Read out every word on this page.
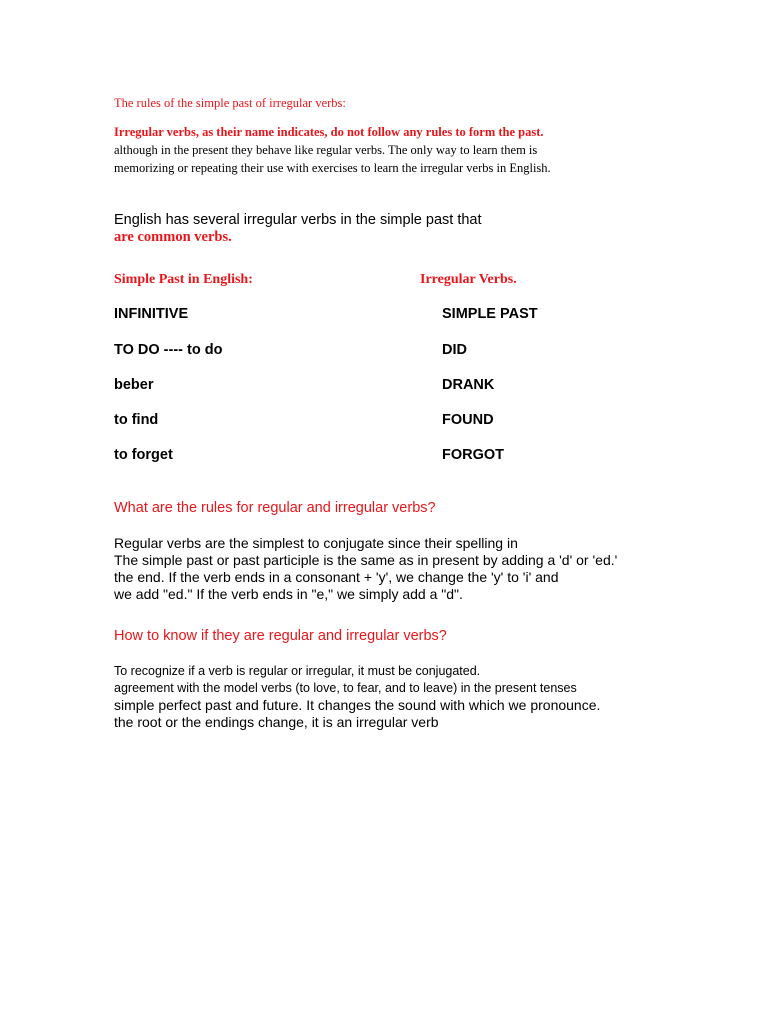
The rules of the simple past of irregular verbs:
Irregular verbs, as their name indicates, do not follow any rules to form the past.
although in the present they behave like regular verbs. The only way to learn them is
memorizing or repeating their use with exercises to learn the irregular verbs in English.
English has several irregular verbs in the simple past that
are common verbs.
Simple Past in English:	Irregular Verbs.
INFINITIVE	SIMPLE PAST
TO DO ---- to do	DID
beber	DRANK
to find	FOUND
to forget	FORGOT
What are the rules for regular and irregular verbs?
Regular verbs are the simplest to conjugate since their spelling in
The simple past or past participle is the same as in present by adding a 'd' or 'ed.'
the end. If the verb ends in a consonant + 'y', we change the 'y' to 'i' and
we add "ed." If the verb ends in "e," we simply add a "d".
How to know if they are regular and irregular verbs?
To recognize if a verb is regular or irregular, it must be conjugated.
agreement with the model verbs (to love, to fear, and to leave) in the present tenses
simple perfect past and future. It changes the sound with which we pronounce.
the root or the endings change, it is an irregular verb
